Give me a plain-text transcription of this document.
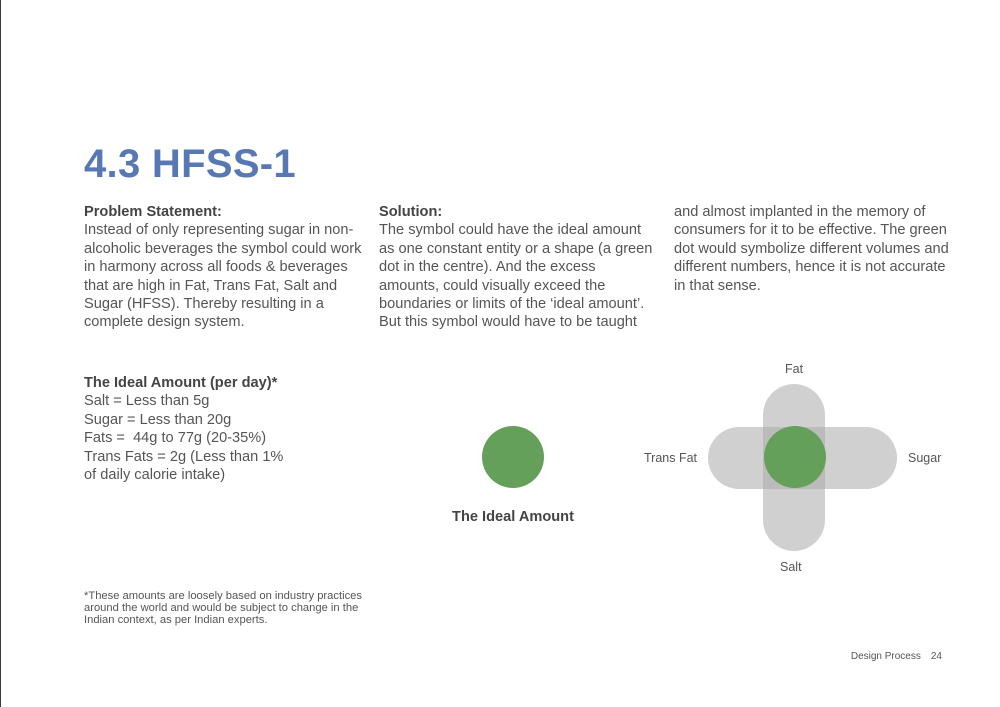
4.3 HFSS-1
Problem Statement:

Instead of only representing sugar in non-alcoholic beverages the symbol could work in harmony across all foods & beverages that are high in Fat, Trans Fat, Salt and Sugar (HFSS). Thereby resulting in a complete design system.

Solution:

The symbol could have the ideal amount as one constant entity or a shape (a green dot in the centre). And the excess amounts, could visually exceed the boundaries or limits of the ‘ideal amount’. But this symbol would have to be taught

and almost implanted in the memory of consumers for it to be effective. The green dot would symbolize different volumes and different numbers, hence it is not accurate in that sense.

The Ideal Amount (per day)*
Salt = Less than 5g
Sugar = Less than 20g
Fats =  44g to 77g (20-35%)
Trans Fats = 2g (Less than 1%
of daily calorie intake)
*These amounts are loosely based on industry practices around the world and would be subject to change in the Indian context, as per Indian experts.
The Ideal Amount
Fat
Trans Fat	Sugar
Salt
Design Process 24
